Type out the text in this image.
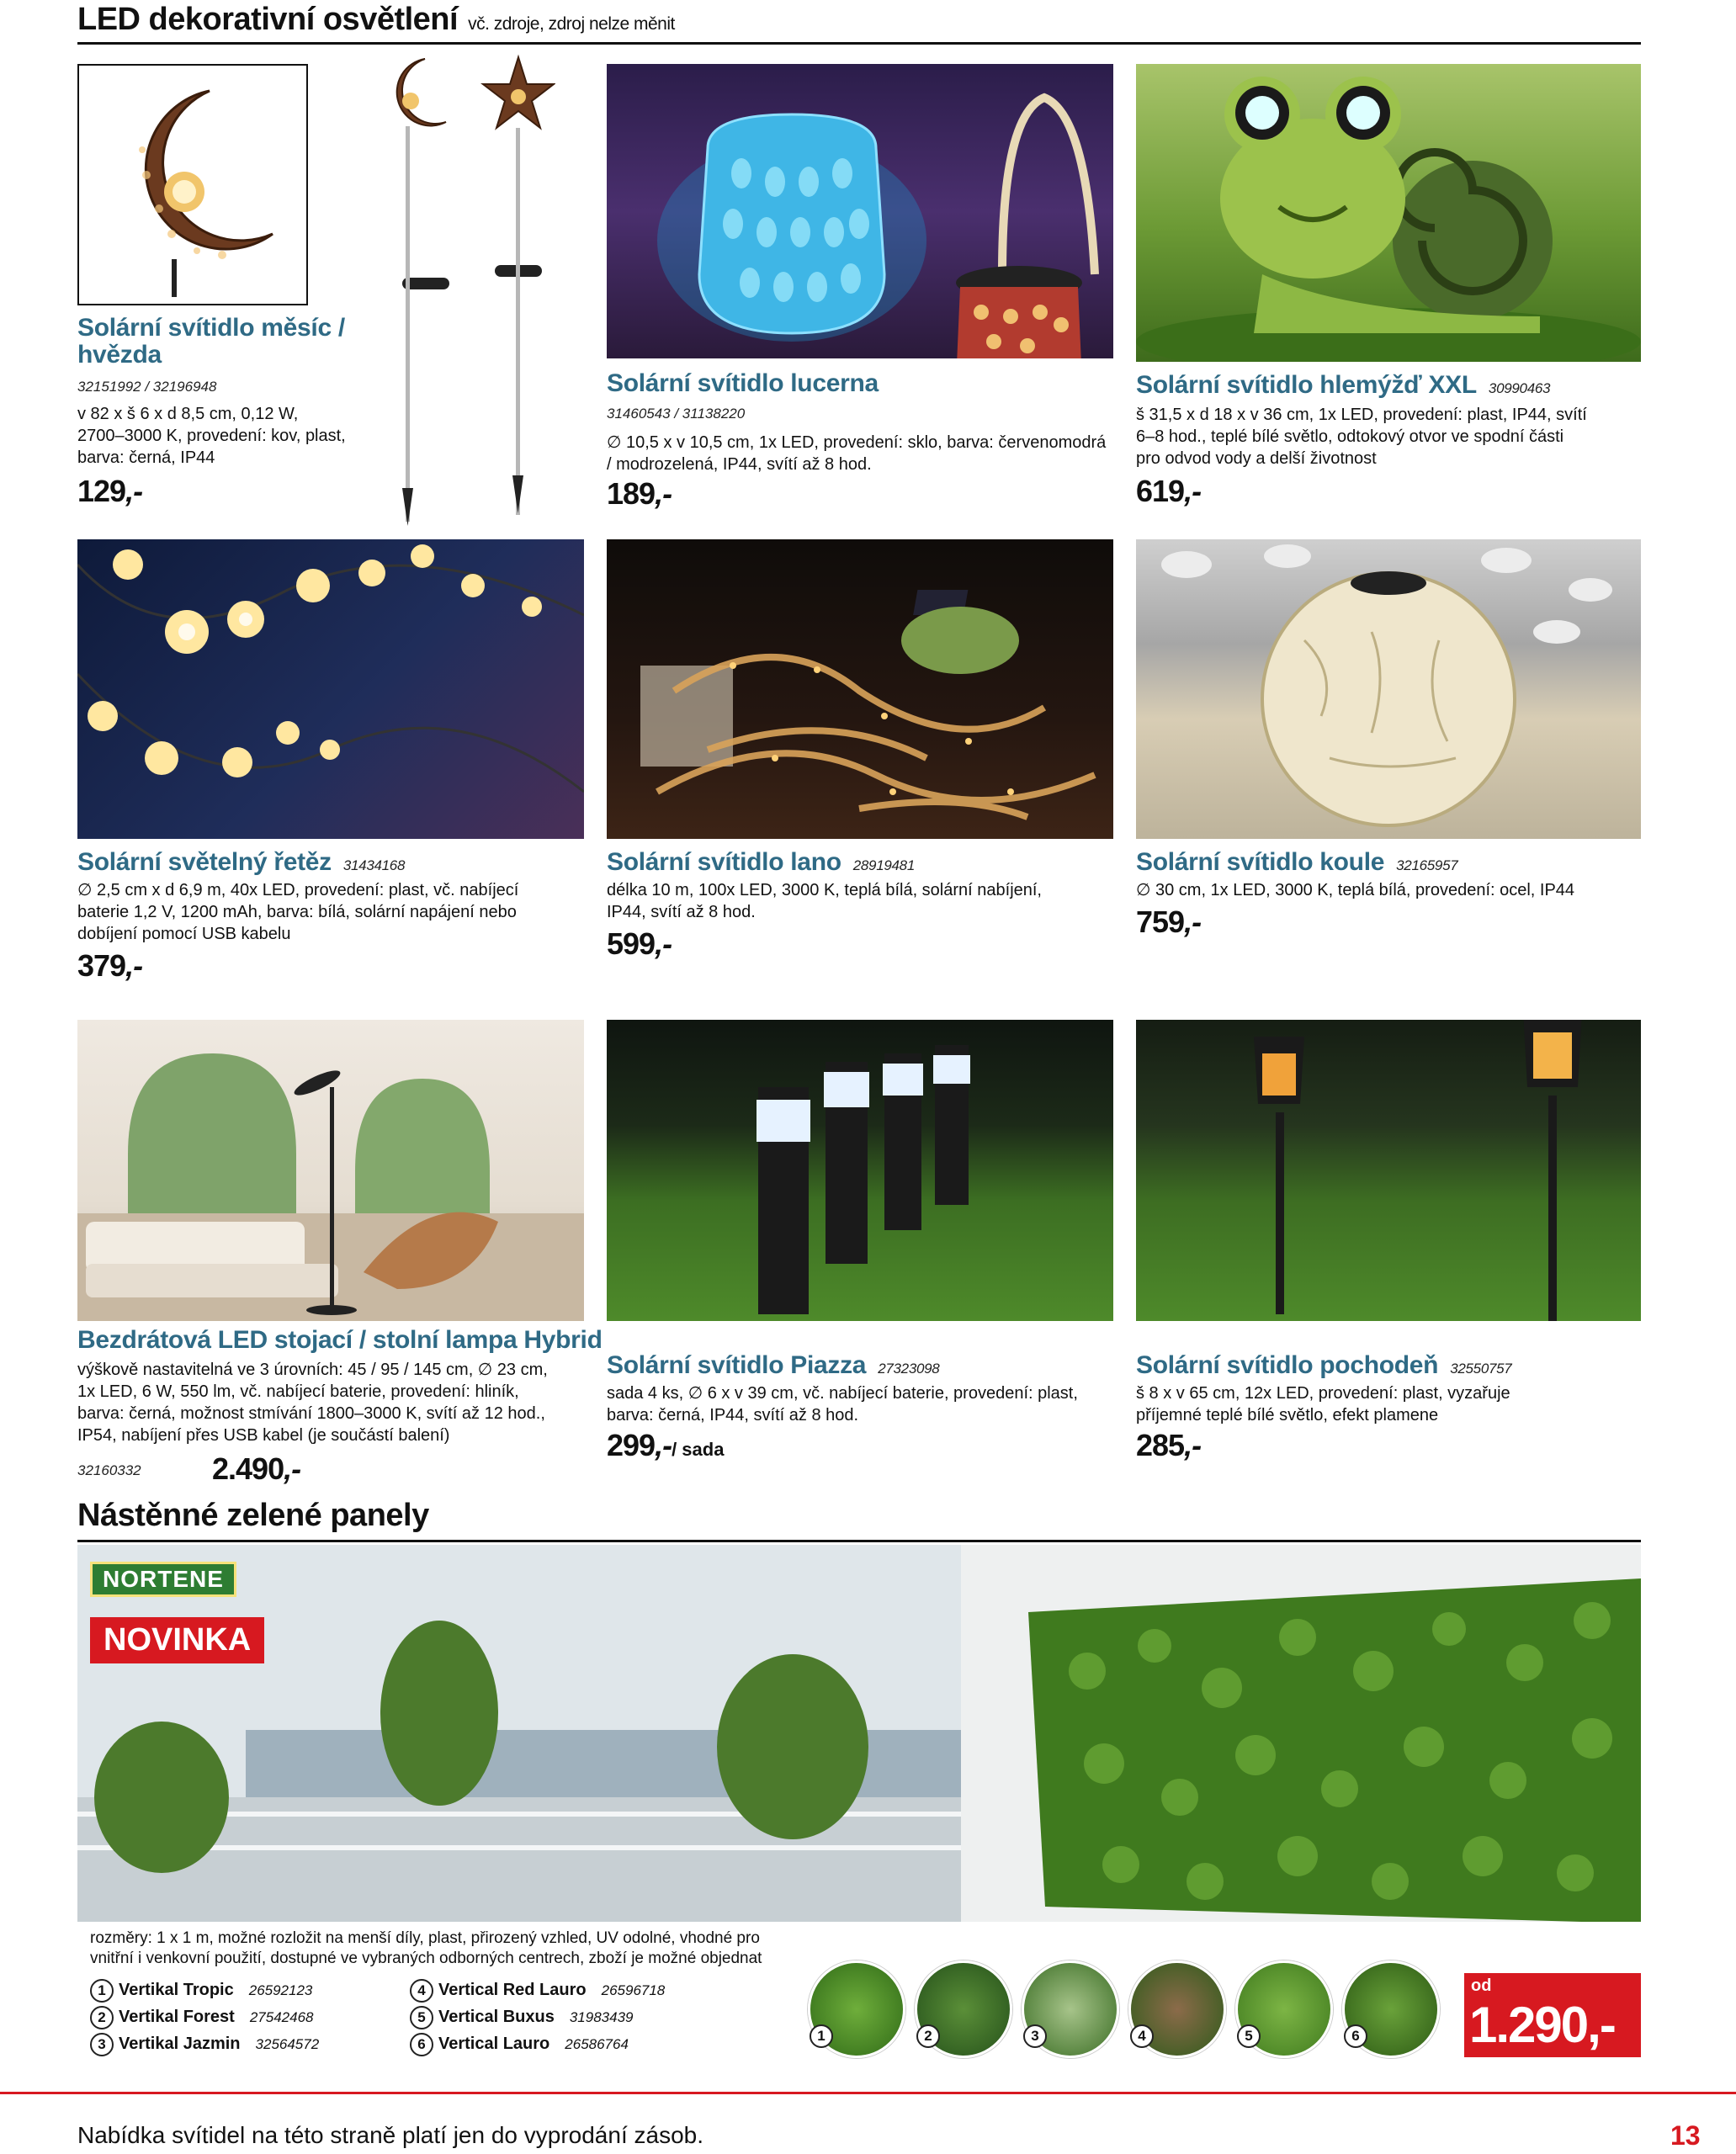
LED dekorativní osvětlení vč. zdroje, zdroj nelze měnit
Solární svítidlo měsíc /
hvězda
32151992 / 32196948
v 82 x š 6 x d 8,5 cm, 0,12 W,
2700–3000 K, provedení: kov, plast,
barva: černá, IP44
129,-
Solární svítidlo lucerna
31460543 / 31138220
∅ 10,5 x v 10,5 cm, 1x LED, provedení: sklo, barva: červenomodrá
/ modrozelená, IP44, svítí až 8 hod.
189,-
Solární svítidlo hlemýžď XXL 30990463
š 31,5 x d 18 x v 36 cm, 1x LED, provedení: plast, IP44, svítí
6–8 hod., teplé bílé světlo, odtokový otvor ve spodní části
pro odvod vody a delší životnost
619,-
Solární světelný řetěz 31434168
∅ 2,5 cm x d 6,9 m, 40x LED, provedení: plast, vč. nabíjecí
baterie 1,2 V, 1200 mAh, barva: bílá, solární napájení nebo
dobíjení pomocí USB kabelu
379,-
Solární svítidlo lano 28919481
délka 10 m, 100x LED, 3000 K, teplá bílá, solární nabíjení,
IP44, svítí až 8 hod.
599,-
Solární svítidlo koule 32165957
∅ 30 cm, 1x LED, 3000 K, teplá bílá, provedení: ocel, IP44
759,-
Bezdrátová LED stojací / stolní lampa Hybrid
výškově nastavitelná ve 3 úrovních: 45 / 95 / 145 cm, ∅ 23 cm,
1x LED, 6 W, 550 lm, vč. nabíjecí baterie, provedení: hliník,
barva: černá, možnost stmívání 1800–3000 K, svítí až 12 hod.,
IP54, nabíjení přes USB kabel (je součástí balení)
32160332 2.490,-
Solární svítidlo Piazza 27323098
sada 4 ks, ∅ 6 x v 39 cm, vč. nabíjecí baterie, provedení: plast,
barva: černá, IP44, svítí až 8 hod.
299,-/ sada
Solární svítidlo pochodeň 32550757
š 8 x v 65 cm, 12x LED, provedení: plast, vyzařuje
příjemné teplé bílé světlo, efekt plamene
285,-
Nástěnné zelené panely
NORTENE
NOVINKA
rozměry: 1 x 1 m, možné rozložit na menší díly, plast, přirozený vzhled, UV odolné, vhodné pro
vnitřní i venkovní použití, dostupné ve vybraných odborných centrech, zboží je možné objednat
1 Vertikal Tropic 26592123
2 Vertikal Forest 27542468
3 Vertikal Jazmin 32564572
4 Vertical Red Lauro 26596718
5 Vertical Buxus 31983439
6 Vertical Lauro 26586764
1	2	3	4	5	6
od
1.290,-
Nabídka svítidel na této straně platí jen do vyprodání zásob.	13
